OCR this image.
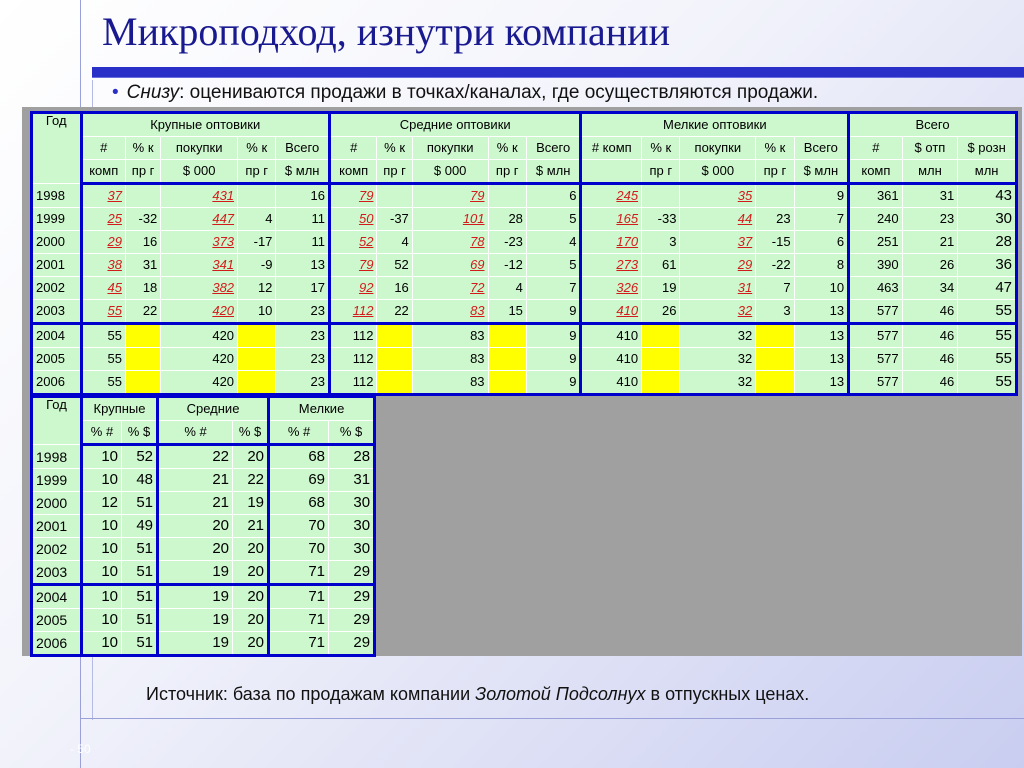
Микроподход, изнутри компании
• Снизу: оцениваются продажи в точках/каналах, где осуществляются продажи.
Год	Крупные оптовики					Средние оптовики					Мелкие оптовики					Всего		
	#	% к	покупки	% к	Всего	#	% к	покупки	% к	Всего	# комп	% к	покупки	% к	Всего	#	$ отп	$ розн
	комп	пр г	$ 000	пр г	$ млн	комп	пр г	$ 000	пр г	$ млн		пр г	$ 000	пр г	$ млн	комп	млн	млн
1998	37		431		16	79		79		6	245		35		9	361	31	43
1999	25	-32	447	4	11	50	-37	101	28	5	165	-33	44	23	7	240	23	30
2000	29	16	373	-17	11	52	4	78	-23	4	170	3	37	-15	6	251	21	28
2001	38	31	341	-9	13	79	52	69	-12	5	273	61	29	-22	8	390	26	36
2002	45	18	382	12	17	92	16	72	4	7	326	19	31	7	10	463	34	47
2003	55	22	420	10	23	112	22	83	15	9	410	26	32	3	13	577	46	55
2004	55		420		23	112		83		9	410		32		13	577	46	55
2005	55		420		23	112		83		9	410		32		13	577	46	55
2006	55		420		23	112		83		9	410		32		13	577	46	55
Год	Крупные		Средние		Мелкие	
	% #	% $	% #	% $	% #	% $
1998	10	52	22	20	68	28
1999	10	48	21	22	69	31
2000	12	51	21	19	68	30
2001	10	49	20	21	70	30
2002	10	51	20	20	70	30
2003	10	51	19	20	71	29
2004	10	51	19	20	71	29
2005	10	51	19	20	71	29
2006	10	51	19	20	71	29
Источник: база по продажам компании Золотой Подсолнух в отпускных ценах.
- 50
